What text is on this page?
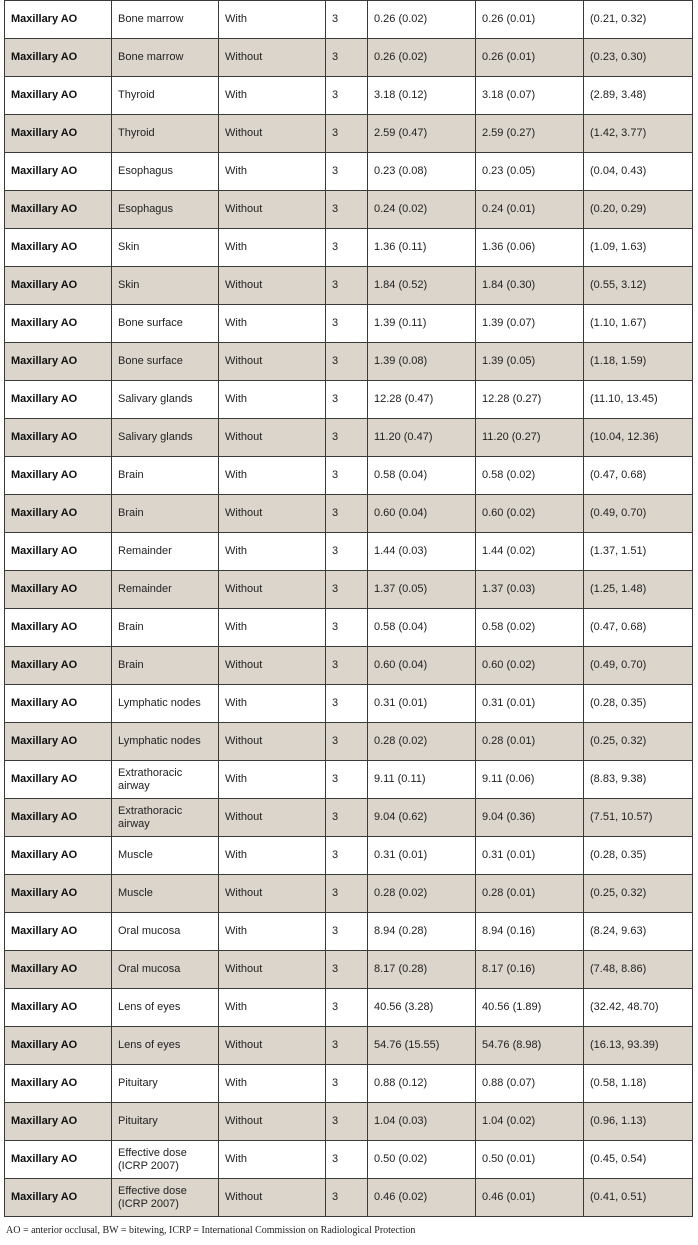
Maxillary AO	Bone marrow	With	3	0.26 (0.02)	0.26 (0.01)	(0.21, 0.32)
Maxillary AO	Bone marrow	Without	3	0.26 (0.02)	0.26 (0.01)	(0.23, 0.30)
Maxillary AO	Thyroid	With	3	3.18 (0.12)	3.18 (0.07)	(2.89, 3.48)
Maxillary AO	Thyroid	Without	3	2.59 (0.47)	2.59 (0.27)	(1.42, 3.77)
Maxillary AO	Esophagus	With	3	0.23 (0.08)	0.23 (0.05)	(0.04, 0.43)
Maxillary AO	Esophagus	Without	3	0.24 (0.02)	0.24 (0.01)	(0.20, 0.29)
Maxillary AO	Skin	With	3	1.36 (0.11)	1.36 (0.06)	(1.09, 1.63)
Maxillary AO	Skin	Without	3	1.84 (0.52)	1.84 (0.30)	(0.55, 3.12)
Maxillary AO	Bone surface	With	3	1.39 (0.11)	1.39 (0.07)	(1.10, 1.67)
Maxillary AO	Bone surface	Without	3	1.39 (0.08)	1.39 (0.05)	(1.18, 1.59)
Maxillary AO	Salivary glands	With	3	12.28 (0.47)	12.28 (0.27)	(11.10, 13.45)
Maxillary AO	Salivary glands	Without	3	11.20 (0.47)	11.20 (0.27)	(10.04, 12.36)
Maxillary AO	Brain	With	3	0.58 (0.04)	0.58 (0.02)	(0.47, 0.68)
Maxillary AO	Brain	Without	3	0.60 (0.04)	0.60 (0.02)	(0.49, 0.70)
Maxillary AO	Remainder	With	3	1.44 (0.03)	1.44 (0.02)	(1.37, 1.51)
Maxillary AO	Remainder	Without	3	1.37 (0.05)	1.37 (0.03)	(1.25, 1.48)
Maxillary AO	Brain	With	3	0.58 (0.04)	0.58 (0.02)	(0.47, 0.68)
Maxillary AO	Brain	Without	3	0.60 (0.04)	0.60 (0.02)	(0.49, 0.70)
Maxillary AO	Lymphatic nodes	With	3	0.31 (0.01)	0.31 (0.01)	(0.28, 0.35)
Maxillary AO	Lymphatic nodes	Without	3	0.28 (0.02)	0.28 (0.01)	(0.25, 0.32)
Maxillary AO	Extrathoracic airway	With	3	9.11 (0.11)	9.11 (0.06)	(8.83, 9.38)
Maxillary AO	Extrathoracic airway	Without	3	9.04 (0.62)	9.04 (0.36)	(7.51, 10.57)
Maxillary AO	Muscle	With	3	0.31 (0.01)	0.31 (0.01)	(0.28, 0.35)
Maxillary AO	Muscle	Without	3	0.28 (0.02)	0.28 (0.01)	(0.25, 0.32)
Maxillary AO	Oral mucosa	With	3	8.94 (0.28)	8.94 (0.16)	(8.24, 9.63)
Maxillary AO	Oral mucosa	Without	3	8.17 (0.28)	8.17 (0.16)	(7.48, 8.86)
Maxillary AO	Lens of eyes	With	3	40.56 (3.28)	40.56 (1.89)	(32.42, 48.70)
Maxillary AO	Lens of eyes	Without	3	54.76 (15.55)	54.76 (8.98)	(16.13, 93.39)
Maxillary AO	Pituitary	With	3	0.88 (0.12)	0.88 (0.07)	(0.58, 1.18)
Maxillary AO	Pituitary	Without	3	1.04 (0.03)	1.04 (0.02)	(0.96, 1.13)
Maxillary AO	Effective dose (ICRP 2007)	With	3	0.50 (0.02)	0.50 (0.01)	(0.45, 0.54)
Maxillary AO	Effective dose (ICRP 2007)	Without	3	0.46 (0.02)	0.46 (0.01)	(0.41, 0.51)
AO = anterior occlusal, BW = bitewing, ICRP = International Commission on Radiological Protection
